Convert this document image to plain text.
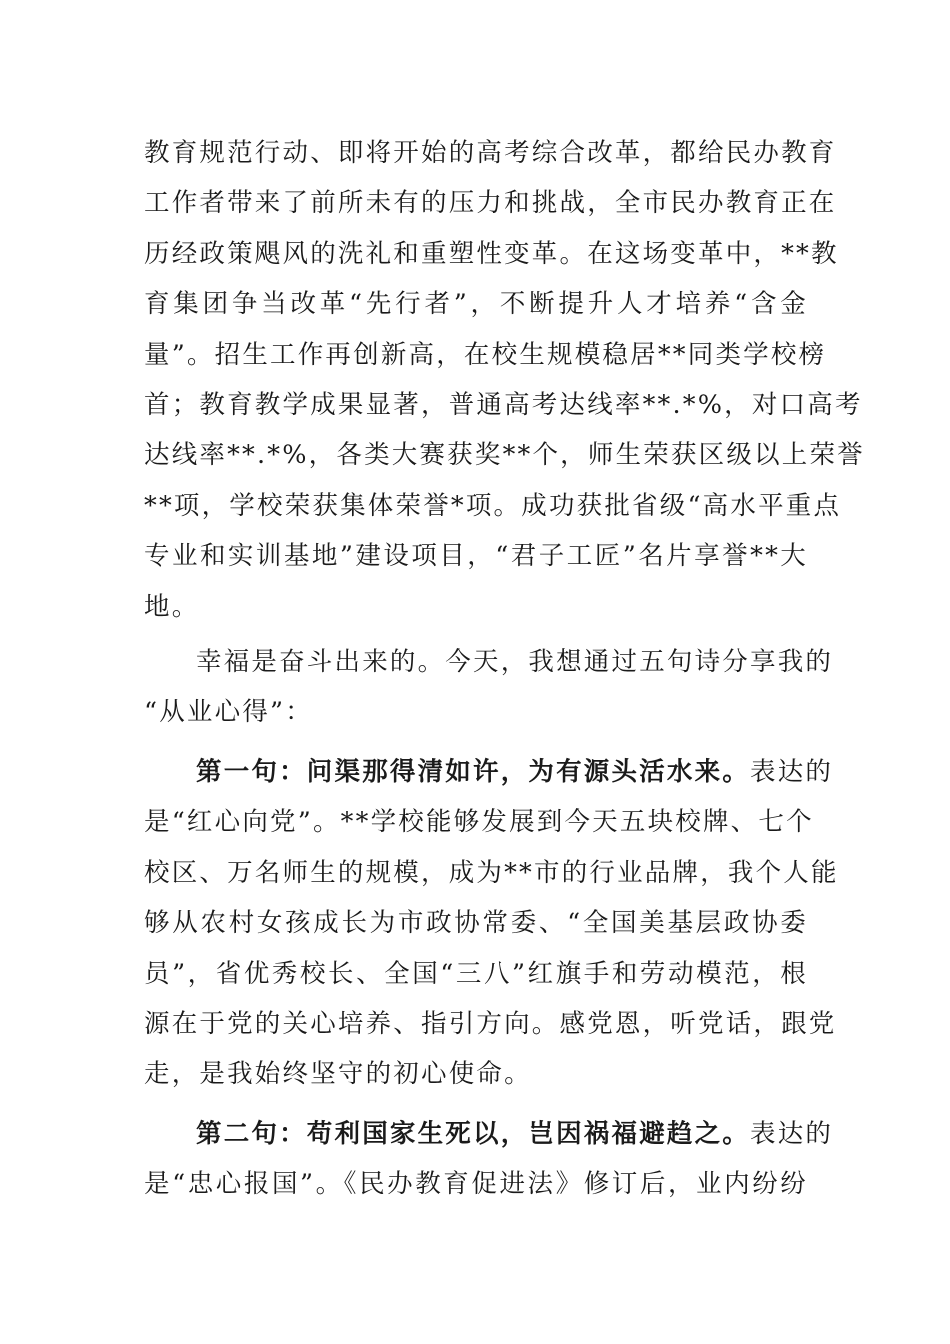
教育规范行动、即将开始的高考综合改革，都给民办教育
工作者带来了前所未有的压力和挑战，全市民办教育正在
历经政策飓风的洗礼和重塑性变革。在这场变革中，**教
育集团争当改革“先行者”，不断提升人才培养“含金
量”。招生工作再创新高，在校生规模稳居**同类学校榜
首；教育教学成果显著，普通高考达线率**.*%，对口高考
达线率**.*%，各类大赛获奖**个，师生荣获区级以上荣誉
**项，学校荣获集体荣誉*项。成功获批省级“高水平重点
专业和实训基地”建设项目，“君子工匠”名片享誉**大
地。
幸福是奋斗出来的。今天，我想通过五句诗分享我的
“从业心得”：
第一句：问渠那得清如许，为有源头活水来。表达的
是“红心向党”。**学校能够发展到今天五块校牌、七个
校区、万名师生的规模，成为**市的行业品牌，我个人能
够从农村女孩成长为市政协常委、“全国美基层政协委
员”，省优秀校长、全国“三八”红旗手和劳动模范，根
源在于党的关心培养、指引方向。感党恩，听党话，跟党
走，是我始终坚守的初心使命。
第二句：苟利国家生死以，岂因祸福避趋之。表达的
是“忠心报国”。《民办教育促进法》修订后，业内纷纷
